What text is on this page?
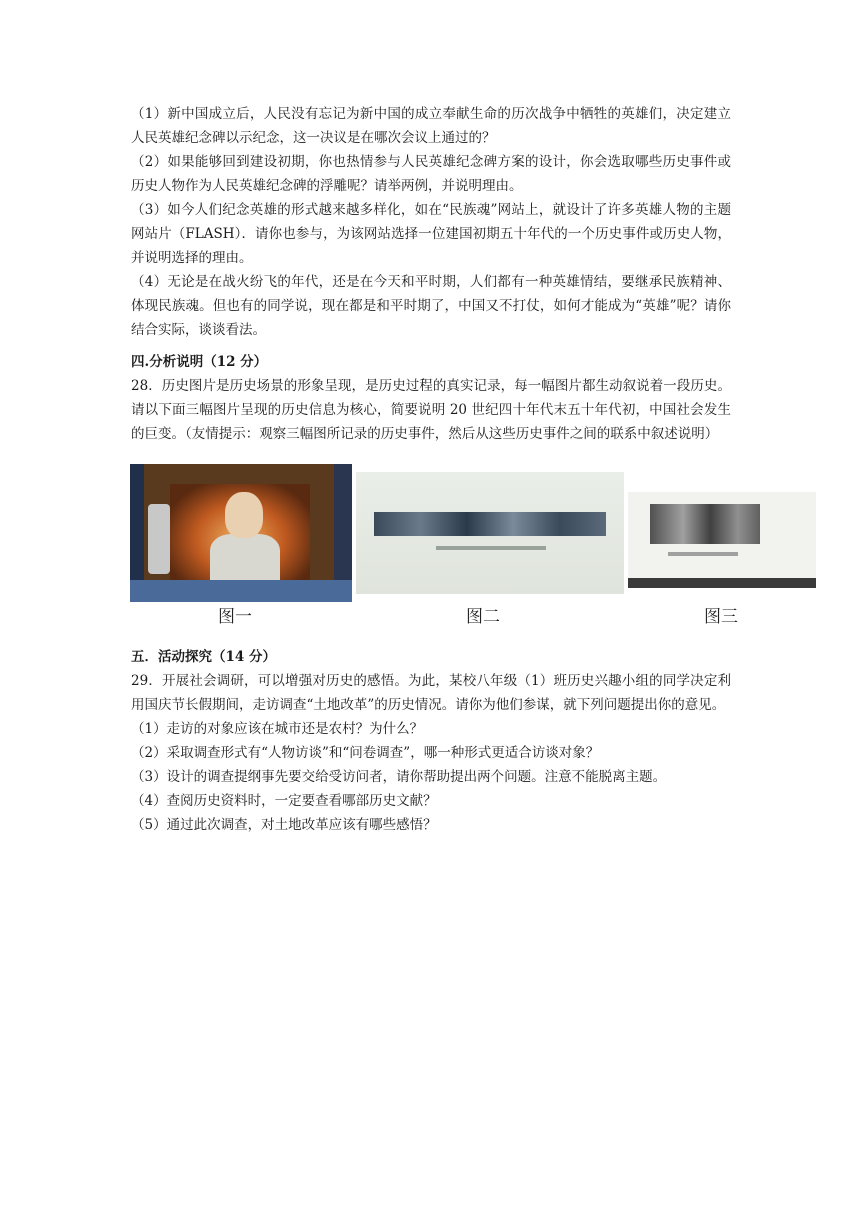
（1）新中国成立后，人民没有忘记为新中国的成立奉献生命的历次战争中牺牲的英雄们，决定建立人民英雄纪念碑以示纪念，这一决议是在哪次会议上通过的？

（2）如果能够回到建设初期，你也热情参与人民英雄纪念碑方案的设计，你会选取哪些历史事件或历史人物作为人民英雄纪念碑的浮雕呢？请举两例，并说明理由。

（3）如今人们纪念英雄的形式越来越多样化，如在“民族魂”网站上，就设计了许多英雄人物的主题网站片（FLASH）．请你也参与，为该网站选择一位建国初期五十年代的一个历史事件或历史人物，并说明选择的理由。

（4）无论是在战火纷飞的年代，还是在今天和平时期，人们都有一种英雄情结，要继承民族精神、体现民族魂。但也有的同学说，现在都是和平时期了，中国又不打仗，如何才能成为“英雄”呢？请你结合实际，谈谈看法。

四.分析说明（12 分）

28．历史图片是历史场景的形象呈现，是历史过程的真实记录，每一幅图片都生动叙说着一段历史。请以下面三幅图片呈现的历史信息为核心，简要说明 20 世纪四十年代末五十年代初，中国社会发生的巨变。（友情提示：观察三幅图所记录的历史事件，然后从这些历史事件之间的联系中叙述说明）

图一	图二	图三

五．活动探究（14 分）

29．开展社会调研，可以增强对历史的感悟。为此，某校八年级（1）班历史兴趣小组的同学决定利用国庆节长假期间，走访调查“土地改革”的历史情况。请你为他们参谋，就下列问题提出你的意见。

（1）走访的对象应该在城市还是农村？为什么？

（2）采取调查形式有“人物访谈”和“问卷调查”，哪一种形式更适合访谈对象？

（3）设计的调查提纲事先要交给受访问者，请你帮助提出两个问题。注意不能脱离主题。

（4）查阅历史资料时，一定要查看哪部历史文献？

（5）通过此次调查，对土地改革应该有哪些感悟？
